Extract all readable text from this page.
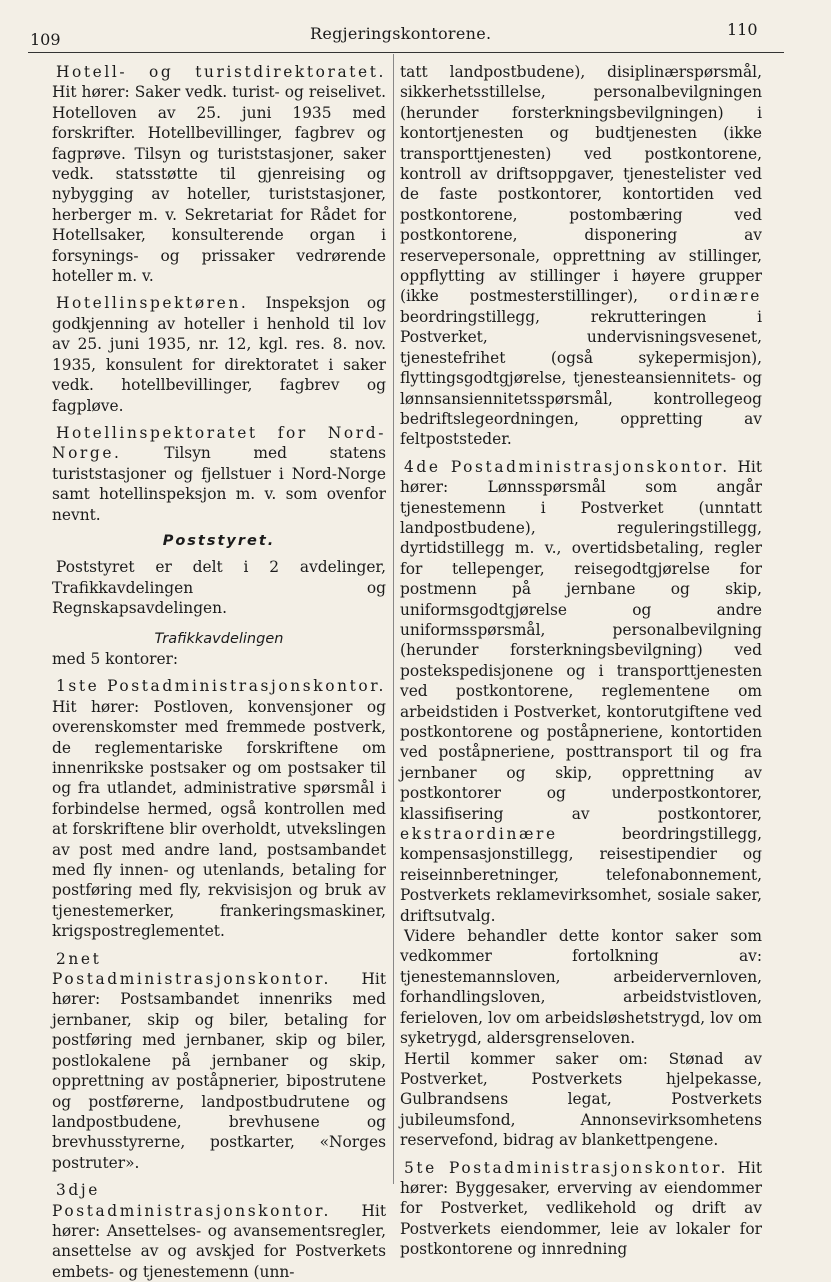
109	Regjeringskontorene.	110

Hotell- og turistdirektoratet. Hit hører: Saker vedk. turist- og reiselivet. Hotelloven av 25. juni 1935 med forskrifter. Hotellbevillinger, fagbrev og fagprøve. Tilsyn og turiststasjoner, saker vedk. statsstøtte til gjenreising og nybygging av hoteller, turiststasjoner, herberger m. v. Sekretariat for Rådet for Hotellsaker, konsulterende organ i forsynings- og prissaker vedrørende hoteller m. v.

Hotellinspektøren. Inspeksjon og godkjenning av hoteller i henhold til lov av 25. juni 1935, nr. 12, kgl. res. 8. nov. 1935, konsulent for direktoratet i saker vedk. hotellbevillinger, fagbrev og fagpløve.

Hotellinspektoratet for Nord-Norge.	Tilsyn med statens turiststasjoner og fjellstuer i Nord-Norge samt hotellinspeksjon m. v. som ovenfor nevnt.

Poststyret.

Poststyret er delt i 2 avdelinger, Trafikkavdelingen og Regnskapsavdelingen.

Trafikkavdelingen

med 5 kontorer:

1ste Postadministrasjonskontor. Hit hører: Postloven, konvensjoner og overenskomster med fremmede postverk, de reglementariske forskriftene om innenrikske postsaker og om postsaker til og fra utlandet, administrative spørsmål i forbindelse hermed, også kontrollen med at forskriftene blir overholdt, utvekslingen av post med andre land, postsambandet med fly innen- og utenlands, betaling for postføring med fly, rekvisisjon og bruk av tjenestemerker, frankeringsmaskiner, krigspostreglementet.

2net Postadministrasjonskontor. Hit hører: Postsambandet innenriks med jernbaner, skip og biler, betaling for postføring med jernbaner, skip og biler, postlokalene på jernbaner og skip, opprettning av poståpnerier, bipostrutene og postførerne, landpostbudrutene og landpostbudene, brevhusene og brevhusstyrerne, postkarter, «Norges postruter».

3dje Postadministrasjonskontor. Hit hører: Ansettelses- og avansementsregler, ansettelse av og avskjed for Postverkets embets- og tjenestemenn (unn-

tatt landpostbudene), disiplinærspørsmål, sikkerhetsstillelse, personalbevilgningen (herunder forsterkningsbevilgningen) i kontortjenesten og budtjenesten (ikke transporttjenesten) ved postkontorene, kontroll av driftsoppgaver, tjenestelister ved de faste postkontorer, kontortiden ved postkontorene, postombæring ved postkontorene, disponering av reservepersonale, opprettning av stillinger, oppflytting av stillinger i høyere grupper (ikke postmesterstillinger), ordinære beordringstillegg, rekrutteringen i Postverket, undervisningsvesenet, tjenestefrihet (også sykepermisjon), flyttingsgodtgjørelse, tjenesteansiennitets- og lønnsansiennitetsspørsmål, kontrollegeog bedriftslegeordningen, oppretting av feltpoststeder.

4de Postadministrasjonskontor. Hit hører: Lønnsspørsmål som angår tjenestemenn i Postverket (unntatt landpostbudene), reguleringstillegg, dyrtidstillegg m. v., overtidsbetaling, regler for tellepenger, reisegodtgjørelse for postmenn på jernbane og skip, uniformsgodtgjørelse og andre uniformsspørsmål, personalbevilgning (herunder forsterkningsbevilgning) ved postekspedisjonene og i transporttjenesten ved postkontorene, reglementene om arbeidstiden i Postverket, kontorutgiftene ved postkontorene og poståpneriene, kontortiden ved poståpneriene, posttransport til og fra jernbaner og skip, opprettning av postkontorer og underpostkontorer, klassifisering av postkontorer, ekstraordinære	beordringstillegg, kompensasjonstillegg, reisestipendier og reiseinnberetninger, telefonabonnement, Postverkets reklamevirksomhet, sosiale saker, driftsutvalg.

Videre behandler dette kontor saker som vedkommer fortolkning av: tjenestemannsloven, arbeidervernloven, forhandlingsloven, arbeidstvistloven, ferieloven, lov om arbeidsløshetstrygd, lov om syketrygd, aldersgrenseloven.

Hertil kommer saker om: Stønad av Postverket, Postverkets hjelpekasse, Gulbrandsens legat, Postverkets jubileumsfond, Annonsevirksomhetens reservefond, bidrag av blankettpengene.

5te Postadministrasjonskontor. Hit hører: Byggesaker, erverving av eiendommer for Postverket, vedlikehold og drift av Postverkets eiendommer, leie av lokaler for postkontorene og innredning
